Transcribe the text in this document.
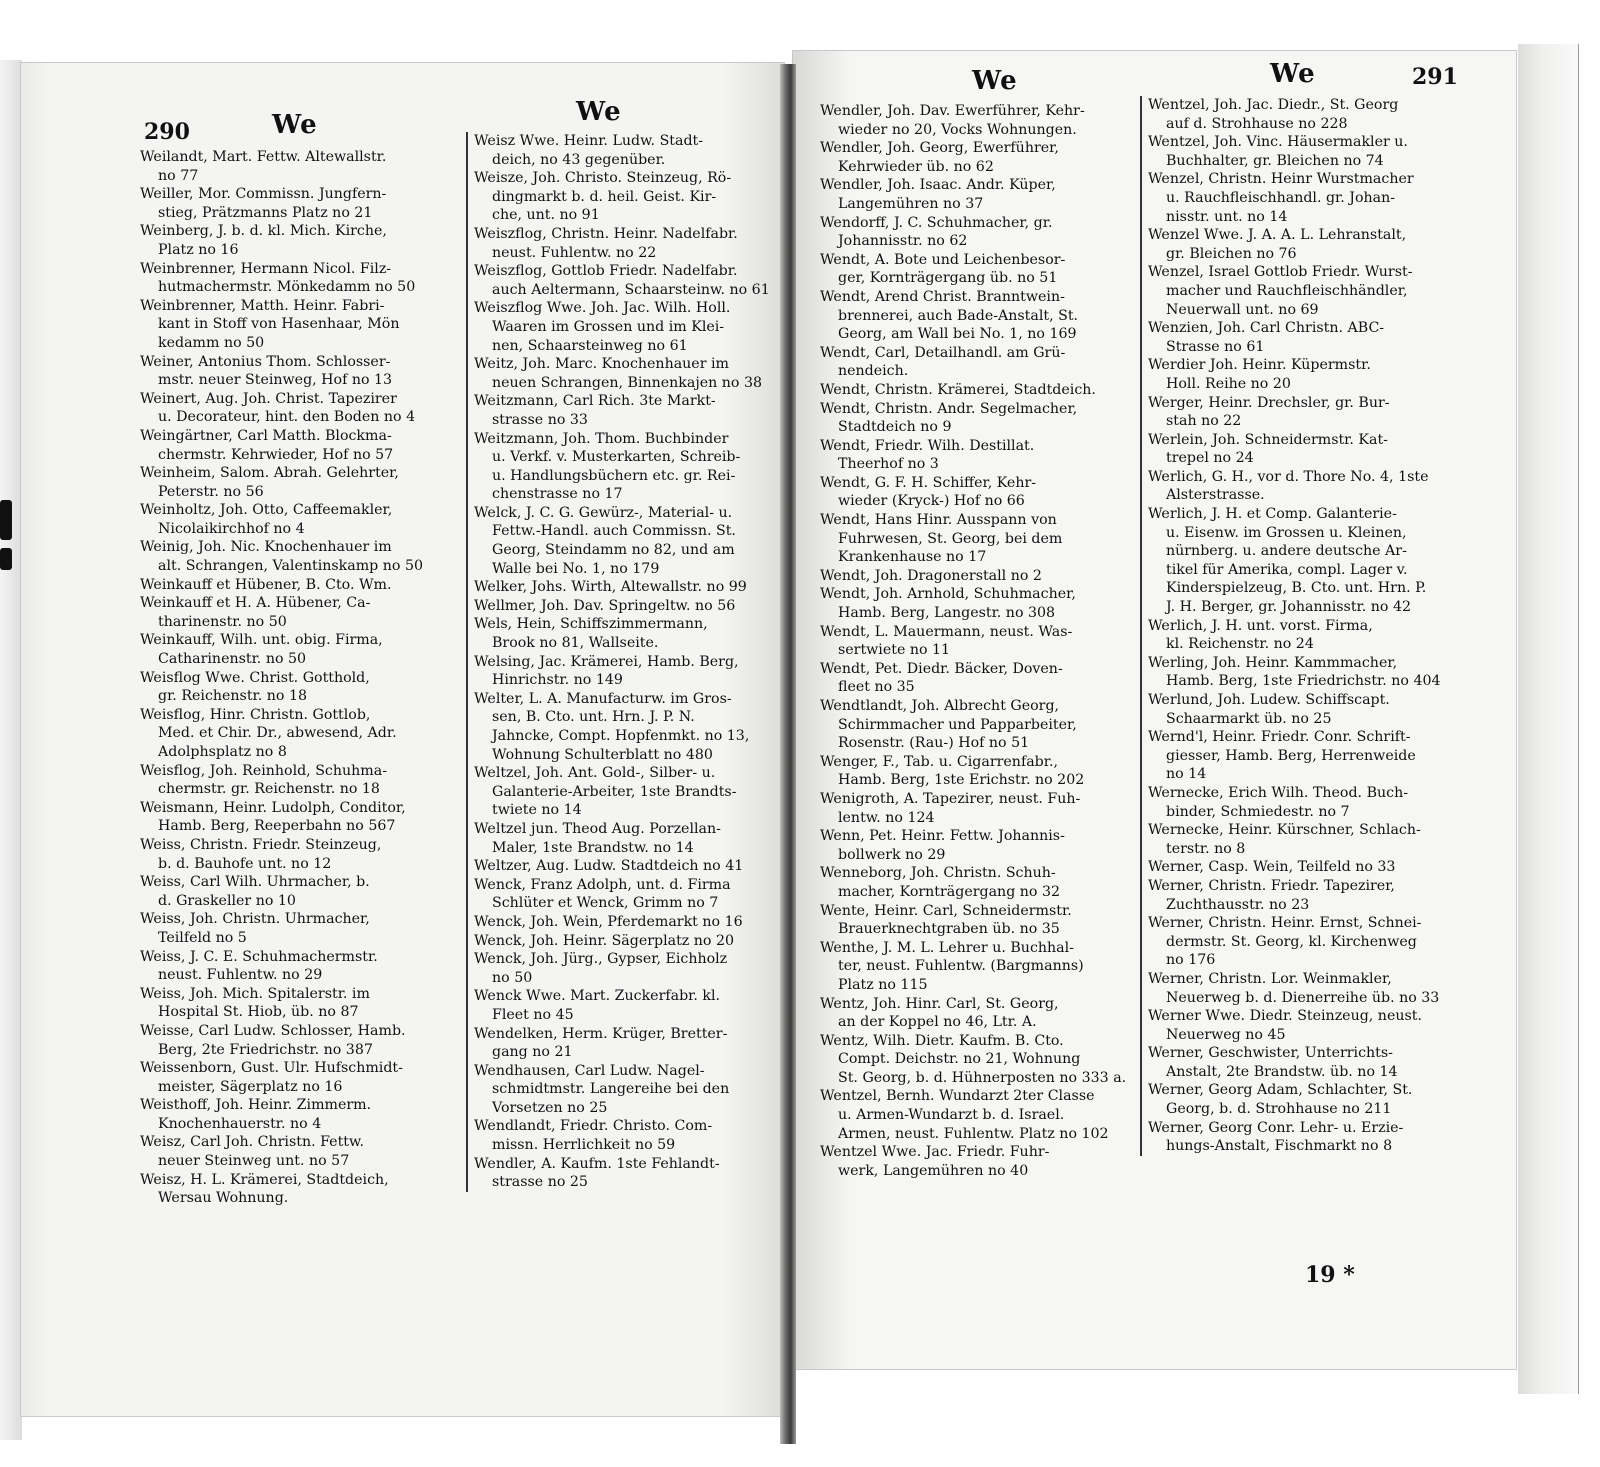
290	We	We
We	We	291
Weilandt, Mart. Fettw. Altewallstr.
no 77
Weiller, Mor. Commissn. Jungfern-
stieg, Prätzmanns Platz no 21
Weinberg, J. b. d. kl. Mich. Kirche,
Platz no 16
Weinbrenner, Hermann Nicol. Filz-
hutmachermstr. Mönkedamm no 50
Weinbrenner, Matth. Heinr. Fabri-
kant in Stoff von Hasenhaar, Mön
kedamm no 50
Weiner, Antonius Thom. Schlosser-
mstr. neuer Steinweg, Hof no 13
Weinert, Aug. Joh. Christ. Tapezirer
u. Decorateur, hint. den Boden no 4
Weingärtner, Carl Matth. Blockma-
chermstr. Kehrwieder, Hof no 57
Weinheim, Salom. Abrah. Gelehrter,
Peterstr. no 56
Weinholtz, Joh. Otto, Caffeemakler,
Nicolaikirchhof no 4
Weinig, Joh. Nic. Knochenhauer im
alt. Schrangen, Valentinskamp no 50
Weinkauff et Hübener, B. Cto. Wm.
Weinkauff et H. A. Hübener, Ca-
tharinenstr. no 50
Weinkauff, Wilh. unt. obig. Firma,
Catharinenstr. no 50
Weisflog Wwe. Christ. Gotthold,
gr. Reichenstr. no 18
Weisflog, Hinr. Christn. Gottlob,
Med. et Chir. Dr., abwesend, Adr.
Adolphsplatz no 8
Weisflog, Joh. Reinhold, Schuhma-
chermstr. gr. Reichenstr. no 18
Weismann, Heinr. Ludolph, Conditor,
Hamb. Berg, Reeperbahn no 567
Weiss, Christn. Friedr. Steinzeug,
b. d. Bauhofe unt. no 12
Weiss, Carl Wilh. Uhrmacher, b.
d. Graskeller no 10
Weiss, Joh. Christn. Uhrmacher,
Teilfeld no 5
Weiss, J. C. E. Schuhmachermstr.
neust. Fuhlentw. no 29
Weiss, Joh. Mich. Spitalerstr. im
Hospital St. Hiob, üb. no 87
Weisse, Carl Ludw. Schlosser, Hamb.
Berg, 2te Friedrichstr. no 387
Weissenborn, Gust. Ulr. Hufschmidt-
meister, Sägerplatz no 16
Weisthoff, Joh. Heinr. Zimmerm.
Knochenhauerstr. no 4
Weisz, Carl Joh. Christn. Fettw.
neuer Steinweg unt. no 57
Weisz, H. L. Krämerei, Stadtdeich,
Wersau Wohnung.
Weisz Wwe. Heinr. Ludw. Stadt-
deich, no 43 gegenüber.
Weisze, Joh. Christo. Steinzeug, Rö-
dingmarkt b. d. heil. Geist. Kir-
che, unt. no 91
Weiszflog, Christn. Heinr. Nadelfabr.
neust. Fuhlentw. no 22
Weiszflog, Gottlob Friedr. Nadelfabr.
auch Aeltermann, Schaarsteinw. no 61
Weiszflog Wwe. Joh. Jac. Wilh. Holl.
Waaren im Grossen und im Klei-
nen, Schaarsteinweg no 61
Weitz, Joh. Marc. Knochenhauer im
neuen Schrangen, Binnenkajen no 38
Weitzmann, Carl Rich. 3te Markt-
strasse no 33
Weitzmann, Joh. Thom. Buchbinder
u. Verkf. v. Musterkarten, Schreib-
u. Handlungsbüchern etc. gr. Rei-
chenstrasse no 17
Welck, J. C. G. Gewürz-, Material- u.
Fettw.-Handl. auch Commissn. St.
Georg, Steindamm no 82, und am
Walle bei No. 1, no 179
Welker, Johs. Wirth, Altewallstr. no 99
Wellmer, Joh. Dav. Springeltw. no 56
Wels, Hein, Schiffszimmermann,
Brook no 81, Wallseite.
Welsing, Jac. Krämerei, Hamb. Berg,
Hinrichstr. no 149
Welter, L. A. Manufacturw. im Gros-
sen, B. Cto. unt. Hrn. J. P. N.
Jahncke, Compt. Hopfenmkt. no 13,
Wohnung Schulterblatt no 480
Weltzel, Joh. Ant. Gold-, Silber- u.
Galanterie-Arbeiter, 1ste Brandts-
twiete no 14
Weltzel jun. Theod Aug. Porzellan-
Maler, 1ste Brandstw. no 14
Weltzer, Aug. Ludw. Stadtdeich no 41
Wenck, Franz Adolph, unt. d. Firma
Schlüter et Wenck, Grimm no 7
Wenck, Joh. Wein, Pferdemarkt no 16
Wenck, Joh. Heinr. Sägerplatz no 20
Wenck, Joh. Jürg., Gypser, Eichholz
no 50
Wenck Wwe. Mart. Zuckerfabr. kl.
Fleet no 45
Wendelken, Herm. Krüger, Bretter-
gang no 21
Wendhausen, Carl Ludw. Nagel-
schmidtmstr. Langereihe bei den
Vorsetzen no 25
Wendlandt, Friedr. Christo. Com-
missn. Herrlichkeit no 59
Wendler, A. Kaufm. 1ste Fehlandt-
strasse no 25
Wendler, Joh. Dav. Ewerführer, Kehr-
wieder no 20, Vocks Wohnungen.
Wendler, Joh. Georg, Ewerführer,
Kehrwieder üb. no 62
Wendler, Joh. Isaac. Andr. Küper,
Langemühren no 37
Wendorff, J. C. Schuhmacher, gr.
Johannisstr. no 62
Wendt, A. Bote und Leichenbesor-
ger, Kornträgergang üb. no 51
Wendt, Arend Christ. Branntwein-
brennerei, auch Bade-Anstalt, St.
Georg, am Wall bei No. 1, no 169
Wendt, Carl, Detailhandl. am Grü-
nendeich.
Wendt, Christn. Krämerei, Stadtdeich.
Wendt, Christn. Andr. Segelmacher,
Stadtdeich no 9
Wendt, Friedr. Wilh. Destillat.
Theerhof no 3
Wendt, G. F. H. Schiffer, Kehr-
wieder (Kryck-) Hof no 66
Wendt, Hans Hinr. Ausspann von
Fuhrwesen, St. Georg, bei dem
Krankenhause no 17
Wendt, Joh. Dragonerstall no 2
Wendt, Joh. Arnhold, Schuhmacher,
Hamb. Berg, Langestr. no 308
Wendt, L. Mauermann, neust. Was-
sertwiete no 11
Wendt, Pet. Diedr. Bäcker, Doven-
fleet no 35
Wendtlandt, Joh. Albrecht Georg,
Schirmmacher und Papparbeiter,
Rosenstr. (Rau-) Hof no 51
Wenger, F., Tab. u. Cigarrenfabr.,
Hamb. Berg, 1ste Erichstr. no 202
Wenigroth, A. Tapezirer, neust. Fuh-
lentw. no 124
Wenn, Pet. Heinr. Fettw. Johannis-
bollwerk no 29
Wenneborg, Joh. Christn. Schuh-
macher, Kornträgergang no 32
Wente, Heinr. Carl, Schneidermstr.
Brauerknechtgraben üb. no 35
Wenthe, J. M. L. Lehrer u. Buchhal-
ter, neust. Fuhlentw. (Bargmanns)
Platz no 115
Wentz, Joh. Hinr. Carl, St. Georg,
an der Koppel no 46, Ltr. A.
Wentz, Wilh. Dietr. Kaufm. B. Cto.
Compt. Deichstr. no 21, Wohnung
St. Georg, b. d. Hühnerposten no 333 a.
Wentzel, Bernh. Wundarzt 2ter Classe
u. Armen-Wundarzt b. d. Israel.
Armen, neust. Fuhlentw. Platz no 102
Wentzel Wwe. Jac. Friedr. Fuhr-
werk, Langemühren no 40
Wentzel, Joh. Jac. Diedr., St. Georg
auf d. Strohhause no 228
Wentzel, Joh. Vinc. Häusermakler u.
Buchhalter, gr. Bleichen no 74
Wenzel, Christn. Heinr Wurstmacher
u. Rauchfleischhandl. gr. Johan-
nisstr. unt. no 14
Wenzel Wwe. J. A. A. L. Lehranstalt,
gr. Bleichen no 76
Wenzel, Israel Gottlob Friedr. Wurst-
macher und Rauchfleischhändler,
Neuerwall unt. no 69
Wenzien, Joh. Carl Christn. ABC-
Strasse no 61
Werdier Joh. Heinr. Küpermstr.
Holl. Reihe no 20
Werger, Heinr. Drechsler, gr. Bur-
stah no 22
Werlein, Joh. Schneidermstr. Kat-
trepel no 24
Werlich, G. H., vor d. Thore No. 4, 1ste
Alsterstrasse.
Werlich, J. H. et Comp. Galanterie-
u. Eisenw. im Grossen u. Kleinen,
nürnberg. u. andere deutsche Ar-
tikel für Amerika, compl. Lager v.
Kinderspielzeug, B. Cto. unt. Hrn. P.
J. H. Berger, gr. Johannisstr. no 42
Werlich, J. H. unt. vorst. Firma,
kl. Reichenstr. no 24
Werling, Joh. Heinr. Kammmacher,
Hamb. Berg, 1ste Friedrichstr. no 404
Werlund, Joh. Ludew. Schiffscapt.
Schaarmarkt üb. no 25
Wernd'l, Heinr. Friedr. Conr. Schrift-
giesser, Hamb. Berg, Herrenweide
no 14
Wernecke, Erich Wilh. Theod. Buch-
binder, Schmiedestr. no 7
Wernecke, Heinr. Kürschner, Schlach-
terstr. no 8
Werner, Casp. Wein, Teilfeld no 33
Werner, Christn. Friedr. Tapezirer,
Zuchthausstr. no 23
Werner, Christn. Heinr. Ernst, Schnei-
dermstr. St. Georg, kl. Kirchenweg
no 176
Werner, Christn. Lor. Weinmakler,
Neuerweg b. d. Dienerreihe üb. no 33
Werner Wwe. Diedr. Steinzeug, neust.
Neuerweg no 45
Werner, Geschwister, Unterrichts-
Anstalt, 2te Brandstw. üb. no 14
Werner, Georg Adam, Schlachter, St.
Georg, b. d. Strohhause no 211
Werner, Georg Conr. Lehr- u. Erzie-
hungs-Anstalt, Fischmarkt no 8
19 *
